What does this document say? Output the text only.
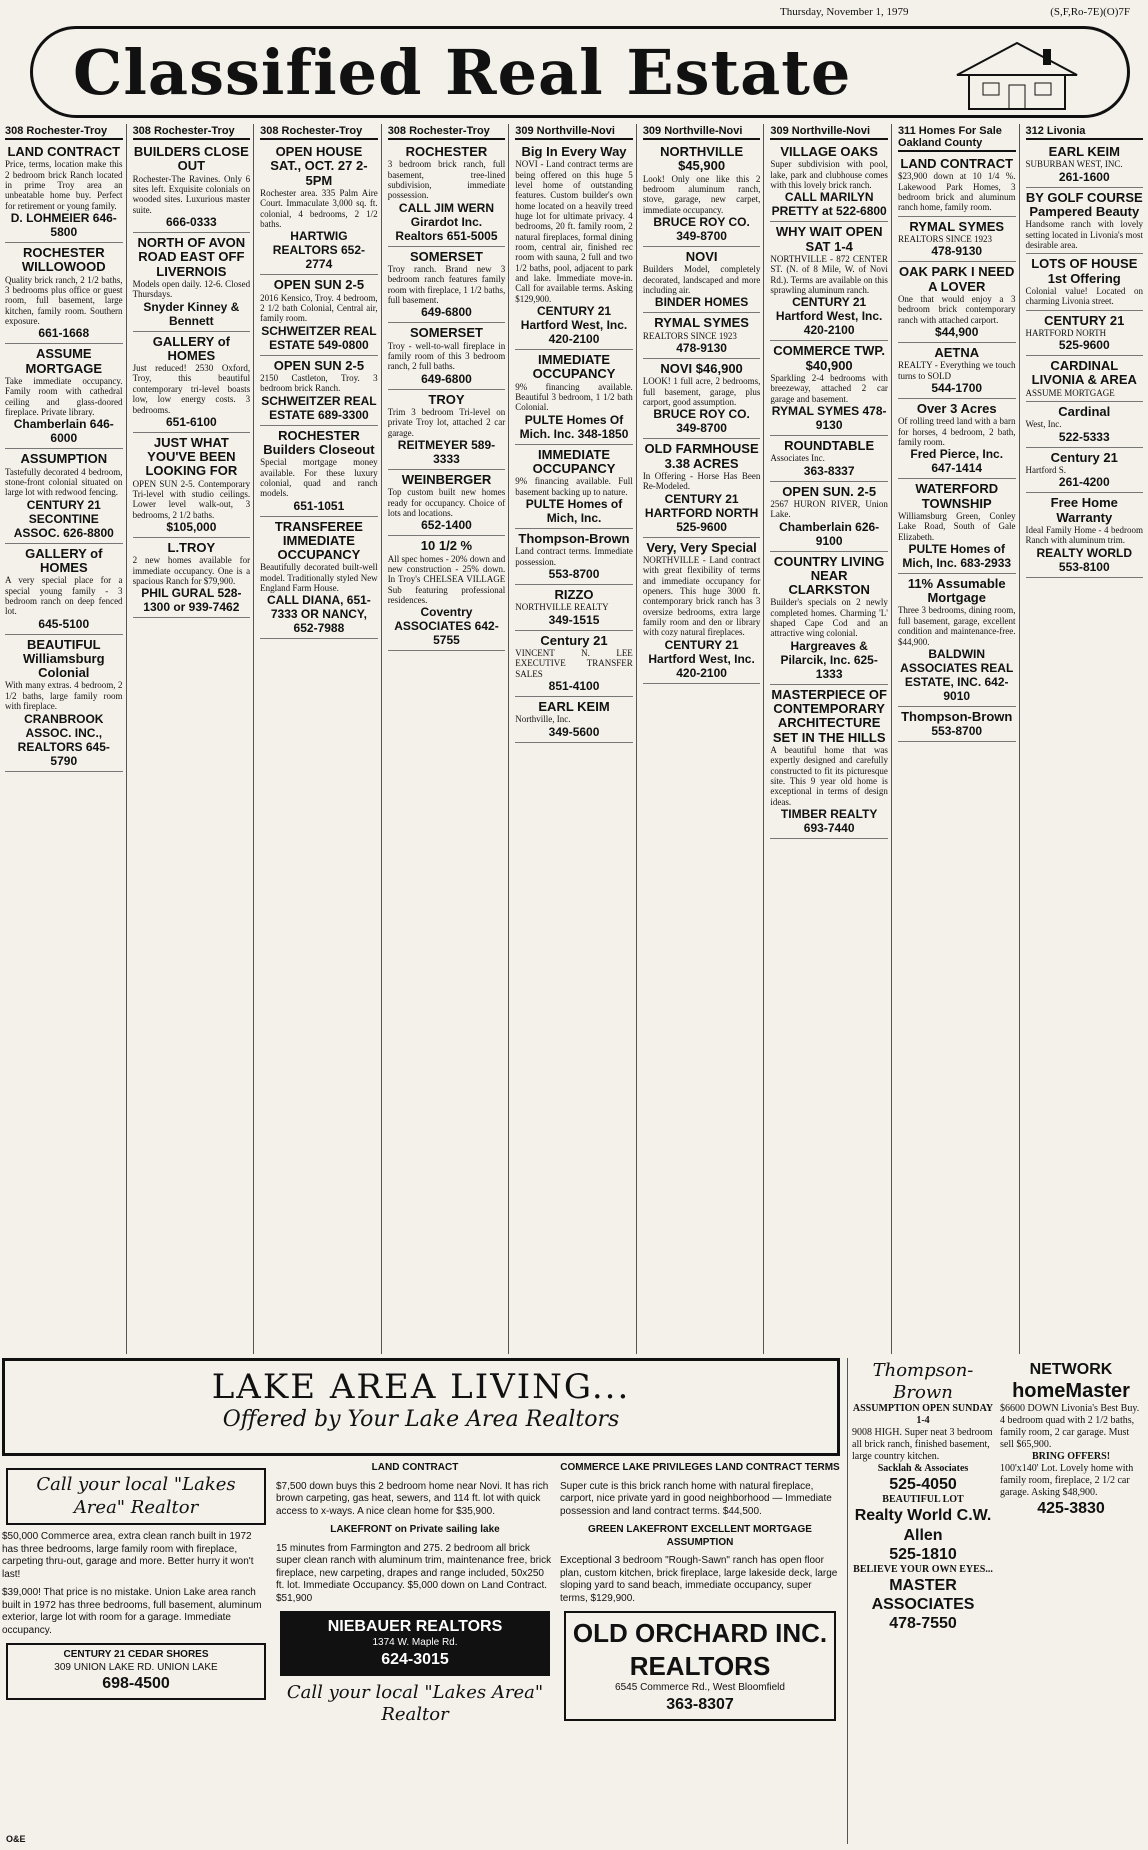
Thursday, November 1, 1979	(S,F,Ro-7E)(O)7F
Classified Real Estate
308 Rochester-Troy
LAND CONTRACT
Price, terms, location make this 2 bedroom brick Ranch located in prime Troy area an unbeatable home buy. Perfect for retirement or young family.
D. LOHMEIER 646-5800
ROCHESTER WILLOWOOD
Quality brick ranch, 2 1/2 baths, 3 bedrooms plus office or guest room, full basement, large kitchen, family room. Southern exposure.
661-1668
ASSUME MORTGAGE
Take immediate occupancy. Family room with cathedral ceiling and glass-doored fireplace. Private library.
Chamberlain 646-6000
ASSUMPTION
Tastefully decorated 4 bedroom, stone-front colonial situated on large lot with redwood fencing.
CENTURY 21 SECONTINE ASSOC. 626-8800
GALLERY of HOMES
A very special place for a special young family - 3 bedroom ranch on deep fenced lot.
645-5100
BEAUTIFUL Williamsburg Colonial
With many extras. 4 bedroom, 2 1/2 baths, large family room with fireplace.
CRANBROOK ASSOC. INC., REALTORS 645-5790
308 Rochester-Troy
BUILDERS CLOSE OUT
Rochester-The Ravines. Only 6 sites left. Exquisite colonials on wooded sites. Luxurious master suite.
666-0333
NORTH OF AVON ROAD EAST OFF LIVERNOIS
Models open daily. 12-6. Closed Thursdays.
Snyder Kinney & Bennett
GALLERY of HOMES
Just reduced! 2530 Oxford, Troy, this beautiful contemporary tri-level boasts low, low energy costs. 3 bedrooms.
651-6100
JUST WHAT YOU'VE BEEN LOOKING FOR
OPEN SUN 2-5. Contemporary Tri-level with studio ceilings. Lower level walk-out, 3 bedrooms, 2 1/2 baths.
$105,000
L.TROY
2 new homes available for immediate occupancy. One is a spacious Ranch for $79,900.
PHIL GURAL 528-1300 or 939-7462
308 Rochester-Troy
OPEN HOUSE SAT., OCT. 27 2-5PM
Rochester area. 335 Palm Aire Court. Immaculate 3,000 sq. ft. colonial, 4 bedrooms, 2 1/2 baths.
HARTWIG REALTORS 652-2774
OPEN SUN 2-5
2016 Kensico, Troy. 4 bedroom, 2 1/2 bath Colonial, Central air, family room.
SCHWEITZER REAL ESTATE 549-0800
OPEN SUN 2-5
2150 Castleton, Troy. 3 bedroom brick Ranch.
SCHWEITZER REAL ESTATE 689-3300
ROCHESTER Builders Closeout
Special mortgage money available. For these luxury colonial, quad and ranch models.
651-1051
TRANSFEREE IMMEDIATE OCCUPANCY
Beautifully decorated built-well model. Traditionally styled New England Farm House.
CALL DIANA, 651-7333 OR NANCY, 652-7988
308 Rochester-Troy
ROCHESTER
3 bedroom brick ranch, full basement, tree-lined subdivision, immediate possession.
CALL JIM WERN Girardot Inc. Realtors 651-5005
SOMERSET
Troy ranch. Brand new 3 bedroom ranch features family room with fireplace, 1 1/2 baths, full basement.
649-6800
SOMERSET
Troy - well-to-wall fireplace in family room of this 3 bedroom ranch, 2 full baths.
649-6800
TROY
Trim 3 bedroom Tri-level on private Troy lot, attached 2 car garage.
REITMEYER 589-3333
WEINBERGER
Top custom built new homes ready for occupancy. Choice of lots and locations.
652-1400
10 1/2 %
All spec homes - 20% down and new construction - 25% down. In Troy's CHELSEA VILLAGE Sub featuring professional residences.
Coventry ASSOCIATES 642-5755
309 Northville-Novi
Big In Every Way
NOVI - Land contract terms are being offered on this huge 5 level home of outstanding features. Custom builder's own home located on a heavily treed huge lot for ultimate privacy. 4 bedrooms, 20 ft. family room, 2 natural fireplaces, formal dining room, central air, finished rec room with sauna, 2 full and two 1/2 baths, pool, adjacent to park and lake. Immediate move-in. Call for available terms. Asking $129,900.
CENTURY 21 Hartford West, Inc. 420-2100
IMMEDIATE OCCUPANCY
9% financing available. Beautiful 3 bedroom, 1 1/2 bath Colonial.
PULTE Homes Of Mich. Inc. 348-1850
IMMEDIATE OCCUPANCY
9% financing available. Full basement backing up to nature.
PULTE Homes of Mich, Inc.
Thompson-Brown
Land contract terms. Immediate possession.
553-8700
RIZZO
NORTHVILLE REALTY
349-1515
Century 21
VINCENT N. LEE EXECUTIVE TRANSFER SALES
851-4100
EARL KEIM
Northville, Inc.
349-5600
309 Northville-Novi
NORTHVILLE $45,900
Look! Only one like this 2 bedroom aluminum ranch, stove, garage, new carpet, immediate occupancy.
BRUCE ROY CO. 349-8700
NOVI
Builders Model, completely decorated, landscaped and more including air.
BINDER HOMES
RYMAL SYMES
REALTORS SINCE 1923
478-9130
NOVI $46,900
LOOK! 1 full acre, 2 bedrooms, full basement, garage, plus carport, good assumption.
BRUCE ROY CO. 349-8700
OLD FARMHOUSE 3.38 ACRES
In Offering - Horse Has Been Re-Modeled.
CENTURY 21 HARTFORD NORTH 525-9600
Very, Very Special
NORTHVILLE - Land contract with great flexibility of terms and immediate occupancy for openers. This huge 3000 ft. contemporary brick ranch has 3 oversize bedrooms, extra large family room and den or library with cozy natural fireplaces.
CENTURY 21 Hartford West, Inc. 420-2100
309 Northville-Novi
VILLAGE OAKS
Super subdivision with pool, lake, park and clubhouse comes with this lovely brick ranch.
CALL MARILYN PRETTY at 522-6800
WHY WAIT OPEN SAT 1-4
NORTHVILLE - 872 CENTER ST. (N. of 8 Mile, W. of Novi Rd.). Terms are available on this sprawling aluminum ranch.
CENTURY 21 Hartford West, Inc. 420-2100
COMMERCE TWP. $40,900
Sparkling 2-4 bedrooms with breezeway, attached 2 car garage and basement.
RYMAL SYMES 478-9130
ROUNDTABLE
Associates Inc.
363-8337
OPEN SUN. 2-5
2567 HURON RIVER, Union Lake.
Chamberlain 626-9100
COUNTRY LIVING NEAR CLARKSTON
Builder's specials on 2 newly completed homes. Charming 'L' shaped Cape Cod and an attractive wing colonial.
Hargreaves & Pilarcik, Inc. 625-1333
MASTERPIECE OF CONTEMPORARY ARCHITECTURE SET IN THE HILLS
A beautiful home that was expertly designed and carefully constructed to fit its picturesque site. This 9 year old home is exceptional in terms of design ideas.
TIMBER REALTY 693-7440
311 Homes For Sale Oakland County
LAND CONTRACT
$23,900 down at 10 1/4 %. Lakewood Park Homes, 3 bedroom brick and aluminum ranch home, family room.
RYMAL SYMES
REALTORS SINCE 1923
478-9130
OAK PARK I NEED A LOVER
One that would enjoy a 3 bedroom brick contemporary ranch with attached carport.
$44,900
AETNA
REALTY - Everything we touch turns to SOLD
544-1700
Over 3 Acres
Of rolling treed land with a barn for horses, 4 bedroom, 2 bath, family room.
Fred Pierce, Inc. 647-1414
WATERFORD TOWNSHIP
Williamsburg Green, Conley Lake Road, South of Gale Elizabeth.
PULTE Homes of Mich, Inc. 683-2933
11% Assumable Mortgage
Three 3 bedrooms, dining room, full basement, garage, excellent condition and maintenance-free. $44,900.
BALDWIN ASSOCIATES REAL ESTATE, INC. 642-9010
Thompson-Brown
553-8700
312 Livonia
EARL KEIM
SUBURBAN WEST, INC.
261-1600
BY GOLF COURSE Pampered Beauty
Handsome ranch with lovely setting located in Livonia's most desirable area.
LOTS OF HOUSE 1st Offering
Colonial value! Located on charming Livonia street.
CENTURY 21
HARTFORD NORTH
525-9600
CARDINAL LIVONIA & AREA
ASSUME MORTGAGE
Cardinal
West, Inc.
522-5333
Century 21
Hartford S.
261-4200
Free Home Warranty
Ideal Family Home - 4 bedroom Ranch with aluminum trim.
REALTY WORLD 553-8100
LAKE AREA LIVING...
Offered by Your Lake Area Realtors
Call your local "Lakes Area" Realtor

$50,000 Commerce area, extra clean ranch built in 1972 has three bedrooms, large family room with fireplace, carpeting thru-out, garage and more. Better hurry it won't last!

$39,000! That price is no mistake. Union Lake area ranch built in 1972 has three bedrooms, full basement, aluminum exterior, large lot with room for a garage. Immediate occupancy.

CENTURY 21 CEDAR SHORES
309 UNION LAKE RD. UNION LAKE
698-4500

LAND CONTRACT

$7,500 down buys this 2 bedroom home near Novi. It has rich brown carpeting, gas heat, sewers, and 114 ft. lot with quick access to x-ways. A nice clean home for $35,900.

LAKEFRONT on Private sailing lake

15 minutes from Farmington and 275. 2 bedroom all brick super clean ranch with aluminum trim, maintenance free, brick fireplace, new carpeting, drapes and range included, 50x250 ft. lot. Immediate Occupancy. $5,000 down on Land Contract. $51,900

NIEBAUER REALTORS
1374 W. Maple Rd.
624-3015
Call your local "Lakes Area" Realtor

COMMERCE LAKE PRIVILEGES LAND CONTRACT TERMS

Super cute is this brick ranch home with natural fireplace, carport, nice private yard in good neighborhood — Immediate possession and land contract terms. $44,500.

GREEN LAKEFRONT EXCELLENT MORTGAGE ASSUMPTION

Exceptional 3 bedroom "Rough-Sawn" ranch has open floor plan, custom kitchen, brick fireplace, large lakeside deck, large sloping yard to sand beach, immediate occupancy, super terms, $129,900.

OLD ORCHARD INC. REALTORS
6545 Commerce Rd., West Bloomfield
363-8307
Thompson-Brown
ASSUMPTION OPEN SUNDAY 1-4

9008 HIGH. Super neat 3 bedroom all brick ranch, finished basement, large country kitchen.

Sacklah & Associates
525-4050
BEAUTIFUL LOT
Realty World C.W. Allen
525-1810
BELIEVE YOUR OWN EYES...
MASTER ASSOCIATES
478-7550
NETWORK
homeMaster

$6600 DOWN Livonia's Best Buy. 4 bedroom quad with 2 1/2 baths, family room, 2 car garage. Must sell $65,900.

BRING OFFERS!

100'x140' Lot. Lovely home with family room, fireplace, 2 1/2 car garage. Asking $48,900.

425-3830
O&E
